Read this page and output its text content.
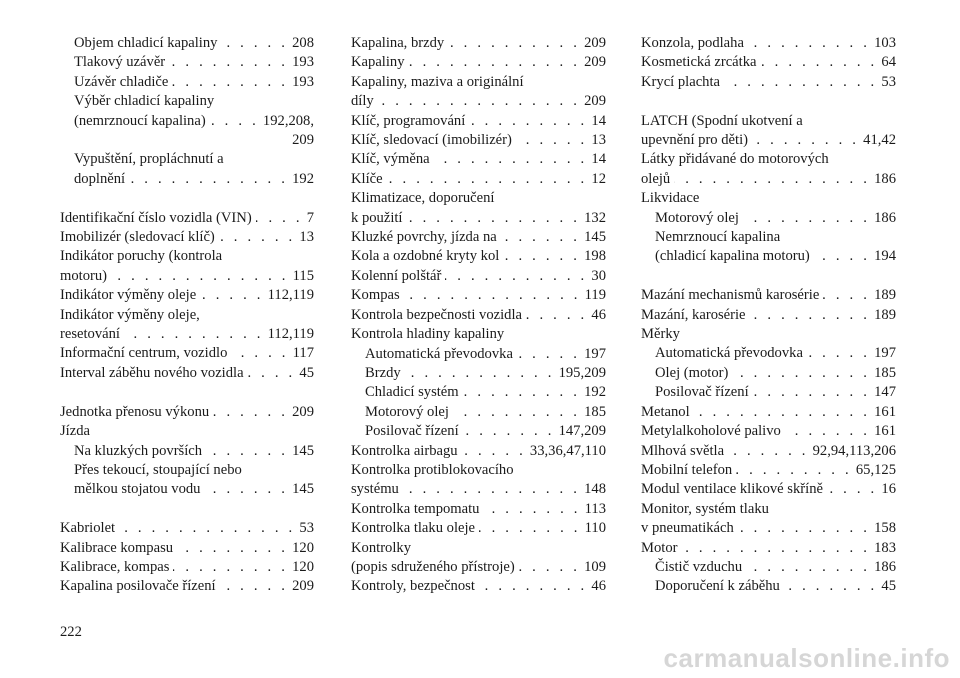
Objem chladicí kapaliny . . .	208
Tlakový uzávěr . . .	193
Uzávěr chladiče . . .	193
Výběr chladicí kapaliny
(nemrznoucí kapalina) . . .	192,208,
209
Vypuštění, propláchnutí a
doplnění . . .	192
Identifikační číslo vozidla (VIN) . . .	7
Imobilizér (sledovací klíč) . . .	13
Indikátor poruchy (kontrola
motoru) . . .	115
Indikátor výměny oleje . . .	112,119
Indikátor výměny oleje,
resetování . . .	112,119
Informační centrum, vozidlo . . .	117
Interval záběhu nového vozidla . . .	45
Jednotka přenosu výkonu . . .	209
Jízda
Na kluzkých površích . . .	145
Přes tekoucí, stoupající nebo
mělkou stojatou vodu . . .	145
Kabriolet . . .	53
Kalibrace kompasu . . .	120
Kalibrace, kompas . . .	120
Kapalina posilovače řízení . . .	209
Kapalina, brzdy . . .	209
Kapaliny . . .	209
Kapaliny, maziva a originální
díly . . .	209
Klíč, programování . . .	14
Klíč, sledovací (imobilizér) . . .	13
Klíč, výměna . . .	14
Klíče . . .	12
Klimatizace, doporučení
k použití . . .	132
Kluzké povrchy, jízda na . . .	145
Kola a ozdobné kryty kol . . .	198
Kolenní polštář . . .	30
Kompas . . .	119
Kontrola bezpečnosti vozidla . . .	46
Kontrola hladiny kapaliny
Automatická převodovka . . .	197
Brzdy . . .	195,209
Chladicí systém . . .	192
Motorový olej . . .	185
Posilovač řízení . . .	147,209
Kontrolka airbagu . . .	33,36,47,110
Kontrolka protiblokovacího
systému . . .	148
Kontrolka tempomatu . . .	113
Kontrolka tlaku oleje . . .	110
Kontrolky
(popis sdruženého přístroje) . . .	109
Kontroly, bezpečnost . . .	46
Konzola, podlaha . . .	103
Kosmetická zrcátka . . .	64
Krycí plachta . . .	53
LATCH (Spodní ukotvení a
upevnění pro děti) . . .	41,42
Látky přidávané do motorových
olejů . . .	186
Likvidace
Motorový olej . . .	186
Nemrznoucí kapalina
(chladicí kapalina motoru) . . .	194
Mazání mechanismů karosérie . . .	189
Mazání, karosérie . . .	189
Měrky
Automatická převodovka . . .	197
Olej (motor) . . .	185
Posilovač řízení . . .	147
Metanol . . .	161
Metylalkoholové palivo . . .	161
Mlhová světla . . .	92,94,113,206
Mobilní telefon . . .	65,125
Modul ventilace klikové skříně . . .	16
Monitor, systém tlaku
v pneumatikách . . .	158
Motor . . .	183
Čistič vzduchu . . .	186
Doporučení k záběhu . . .	45
222
carmanualsonline.info
